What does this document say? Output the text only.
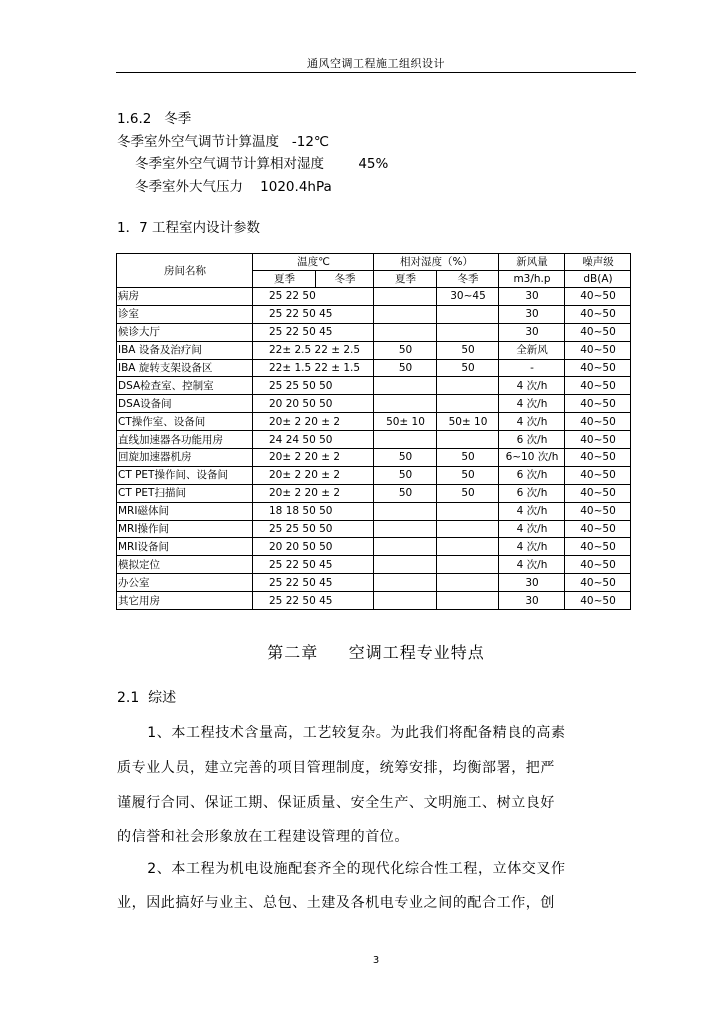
通风空调工程施工组织设计
1.6.2   冬季
冬季室外空气调节计算温度   -12℃
冬季室外空气调节计算相对湿度        45%
冬季室外大气压力    1020.4hPa
1．7 工程室内设计参数
房间名称	温度℃		相对湿度（%）		新风量	噪声级
	夏季	冬季	夏季	冬季	m3/h.p	dB(A)
病房	25 22 50			30~45	30	40~50
诊室	25 22 50 45				30	40~50
候诊大厅	25 22 50 45				30	40~50
IBA 设备及治疗间	22± 2.5 22 ± 2.5		50	50	全新风	40~50
IBA 旋转支架设备区	22± 1.5 22 ± 1.5		50	50	-	40~50
DSA检查室、控制室	25 25 50 50				4 次/h	40~50
DSA设备间	20 20 50 50				4 次/h	40~50
CT操作室、设备间	20± 2 20 ± 2		50± 10	50± 10	4 次/h	40~50
直线加速器各功能用房	24 24 50 50				6 次/h	40~50
回旋加速器机房	20± 2 20 ± 2		50	50	6~10 次/h	40~50
CT PET操作间、设备间	20± 2 20 ± 2		50	50	6 次/h	40~50
CT PET扫描间	20± 2 20 ± 2		50	50	6 次/h	40~50
MRI磁体间	18 18 50 50				4 次/h	40~50
MRI操作间	25 25 50 50				4 次/h	40~50
MRI设备间	20 20 50 50				4 次/h	40~50
模拟定位	25 22 50 45				4 次/h	40~50
办公室	25 22 50 45				30	40~50
其它用房	25 22 50 45				30	40~50
第二章     空调工程专业特点
2.1  综述
1、本工程技术含量高，工艺较复杂。为此我们将配备精良的高素
质专业人员，建立完善的项目管理制度，统筹安排，均衡部署，把严
谨履行合同、保证工期、保证质量、安全生产、文明施工、树立良好
的信誉和社会形象放在工程建设管理的首位。
2、本工程为机电设施配套齐全的现代化综合性工程，立体交叉作
业，因此搞好与业主、总包、土建及各机电专业之间的配合工作，创
3
